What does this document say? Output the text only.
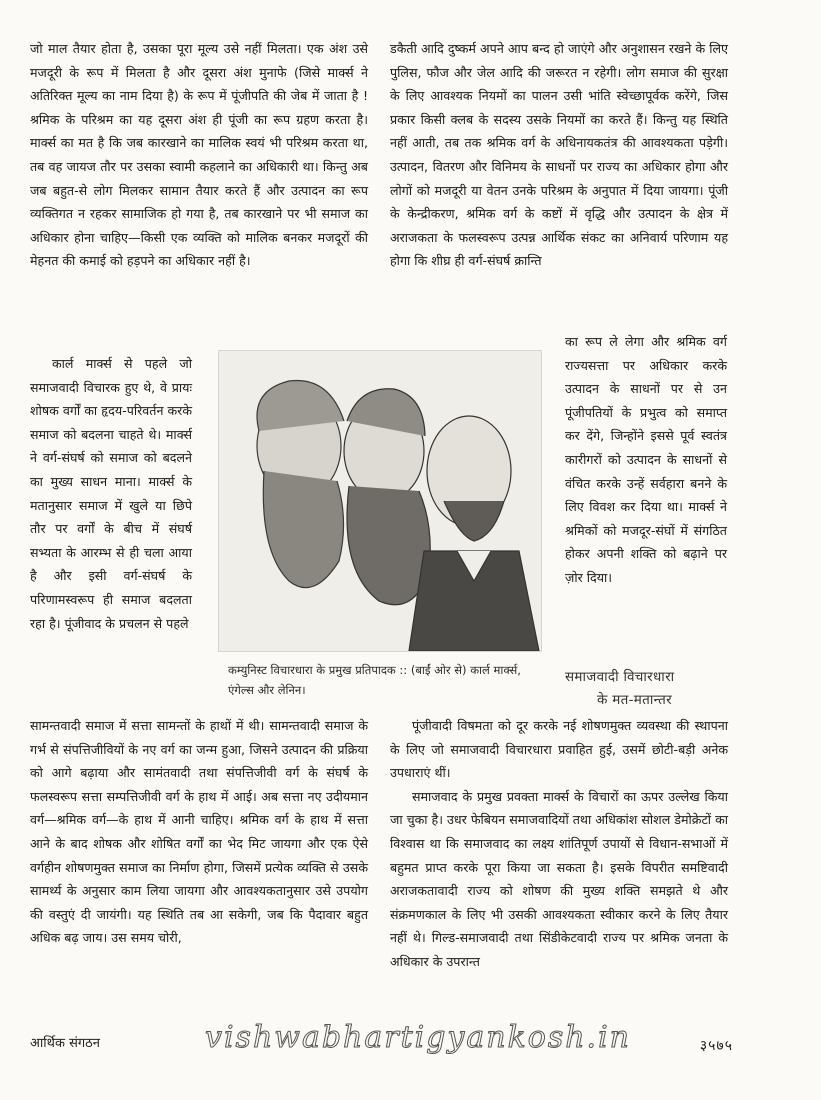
जो माल तैयार होता है, उसका पूरा मूल्य उसे नहीं मिलता। एक अंश उसे मजदूरी के रूप में मिलता है और दूसरा अंश मुनाफे (जिसे मार्क्स ने अतिरिक्त मूल्य का नाम दिया है) के रूप में पूंजीपति की जेब में जाता है ! श्रमिक के परिश्रम का यह दूसरा अंश ही पूंजी का रूप ग्रहण करता है। मार्क्स का मत है कि जब कारखाने का मालिक स्वयं भी परिश्रम करता था, तब वह जायज तौर पर उसका स्वामी कहलाने का अधिकारी था। किन्तु अब जब बहुत-से लोग मिलकर सामान तैयार करते हैं और उत्पादन का रूप व्यक्तिगत न रहकर सामाजिक हो गया है, तब कारखाने पर भी समाज का अधिकार होना चाहिए—किसी एक व्यक्ति को मालिक बनकर मजदूरों की मेहनत की कमाई को हड़पने का अधिकार नहीं है।

डकैती आदि दुष्कर्म अपने आप बन्द हो जाएंगे और अनुशासन रखने के लिए पुलिस, फौज और जेल आदि की जरूरत न रहेगी। लोग समाज की सुरक्षा के लिए आवश्यक नियमों का पालन उसी भांति स्वेच्छापूर्वक करेंगे, जिस प्रकार किसी क्लब के सदस्य उसके नियमों का करते हैं। किन्तु यह स्थिति नहीं आती, तब तक श्रमिक वर्ग के अधिनायकतंत्र की आवश्यकता पड़ेगी। उत्पादन, वितरण और विनिमय के साधनों पर राज्य का अधिकार होगा और लोगों को मजदूरी या वेतन उनके परिश्रम के अनुपात में दिया जायगा। पूंजी के केन्द्रीकरण, श्रमिक वर्ग के कष्टों में वृद्धि और उत्पादन के क्षेत्र में अराजकता के फलस्वरूप उत्पन्न आर्थिक संकट का अनिवार्य परिणाम यह होगा कि शीघ्र ही वर्ग-संघर्ष क्रान्ति

कार्ल मार्क्स से पहले जो समाजवादी विचारक हुए थे, वे प्रायः शोषक वर्गों का हृदय-परिवर्तन करके समाज को बदलना चाहते थे। मार्क्स ने वर्ग-संघर्ष को समाज को बदलने का मुख्य साधन माना। मार्क्स के मतानुसार समाज में खुले या छिपे तौर पर वर्गों के बीच में संघर्ष सभ्यता के आरम्भ से ही चला आया है और इसी वर्ग-संघर्ष के परिणामस्वरूप ही समाज बदलता रहा है। पूंजीवाद के प्रचलन से पहले

कम्युनिस्ट विचारधारा के प्रमुख प्रतिपादक :: (बाईं ओर से) कार्ल मार्क्स, एंगेल्स और लेनिन।

का रूप ले लेगा और श्रमिक वर्ग राज्यसत्ता पर अधिकार करके उत्पादन के साधनों पर से उन पूंजीपतियों के प्रभुत्व को समाप्त कर देंगे, जिन्होंने इससे पूर्व स्वतंत्र कारीगरों को उत्पादन के साधनों से वंचित करके उन्हें सर्वहारा बनने के लिए विवश कर दिया था। मार्क्स ने श्रमिकों को मजदूर-संघों में संगठित होकर अपनी शक्ति को बढ़ाने पर ज़ोर दिया।

समाजवादी विचारधारा
के मत-मतान्तर

सामन्तवादी समाज में सत्ता सामन्तों के हाथों में थी। सामन्तवादी समाज के गर्भ से संपत्तिजीवियों के नए वर्ग का जन्म हुआ, जिसने उत्पादन की प्रक्रिया को आगे बढ़ाया और सामंतवादी तथा संपत्तिजीवी वर्ग के संघर्ष के फलस्वरूप सत्ता सम्पत्तिजीवी वर्ग के हाथ में आई। अब सत्ता नए उदीयमान वर्ग—श्रमिक वर्ग—के हाथ में आनी चाहिए। श्रमिक वर्ग के हाथ में सत्ता आने के बाद शोषक और शोषित वर्गों का भेद मिट जायगा और एक ऐसे वर्गहीन शोषणमुक्त समाज का निर्माण होगा, जिसमें प्रत्येक व्यक्ति से उसके सामर्थ्य के अनुसार काम लिया जायगा और आवश्यकतानुसार उसे उपयोग की वस्तुएं दी जायंगी। यह स्थिति तब आ सकेगी, जब कि पैदावार बहुत अधिक बढ़ जाय। उस समय चोरी,

पूंजीवादी विषमता को दूर करके नई शोषणमुक्त व्यवस्था की स्थापना के लिए जो समाजवादी विचारधारा प्रवाहित हुई, उसमें छोटी-बड़ी अनेक उपधाराएं थीं।

समाजवाद के प्रमुख प्रवक्ता मार्क्स के विचारों का ऊपर उल्लेख किया जा चुका है। उधर फेबियन समाजवादियों तथा अधिकांश सोशल डेमोक्रेटों का विश्वास था कि समाजवाद का लक्ष्य शांतिपूर्ण उपायों से विधान-सभाओं में बहुमत प्राप्त करके पूरा किया जा सकता है। इसके विपरीत समष्टिवादी अराजकतावादी राज्य को शोषण की मुख्य शक्ति समझते थे और संक्रमणकाल के लिए भी उसकी आवश्यकता स्वीकार करने के लिए तैयार नहीं थे। गिल्ड-समाजवादी तथा सिंडीकेटवादी राज्य पर श्रमिक जनता के अधिकार के उपरान्त

आर्थिक संगठन	vishwabhartigyankosh.in	३५७५
